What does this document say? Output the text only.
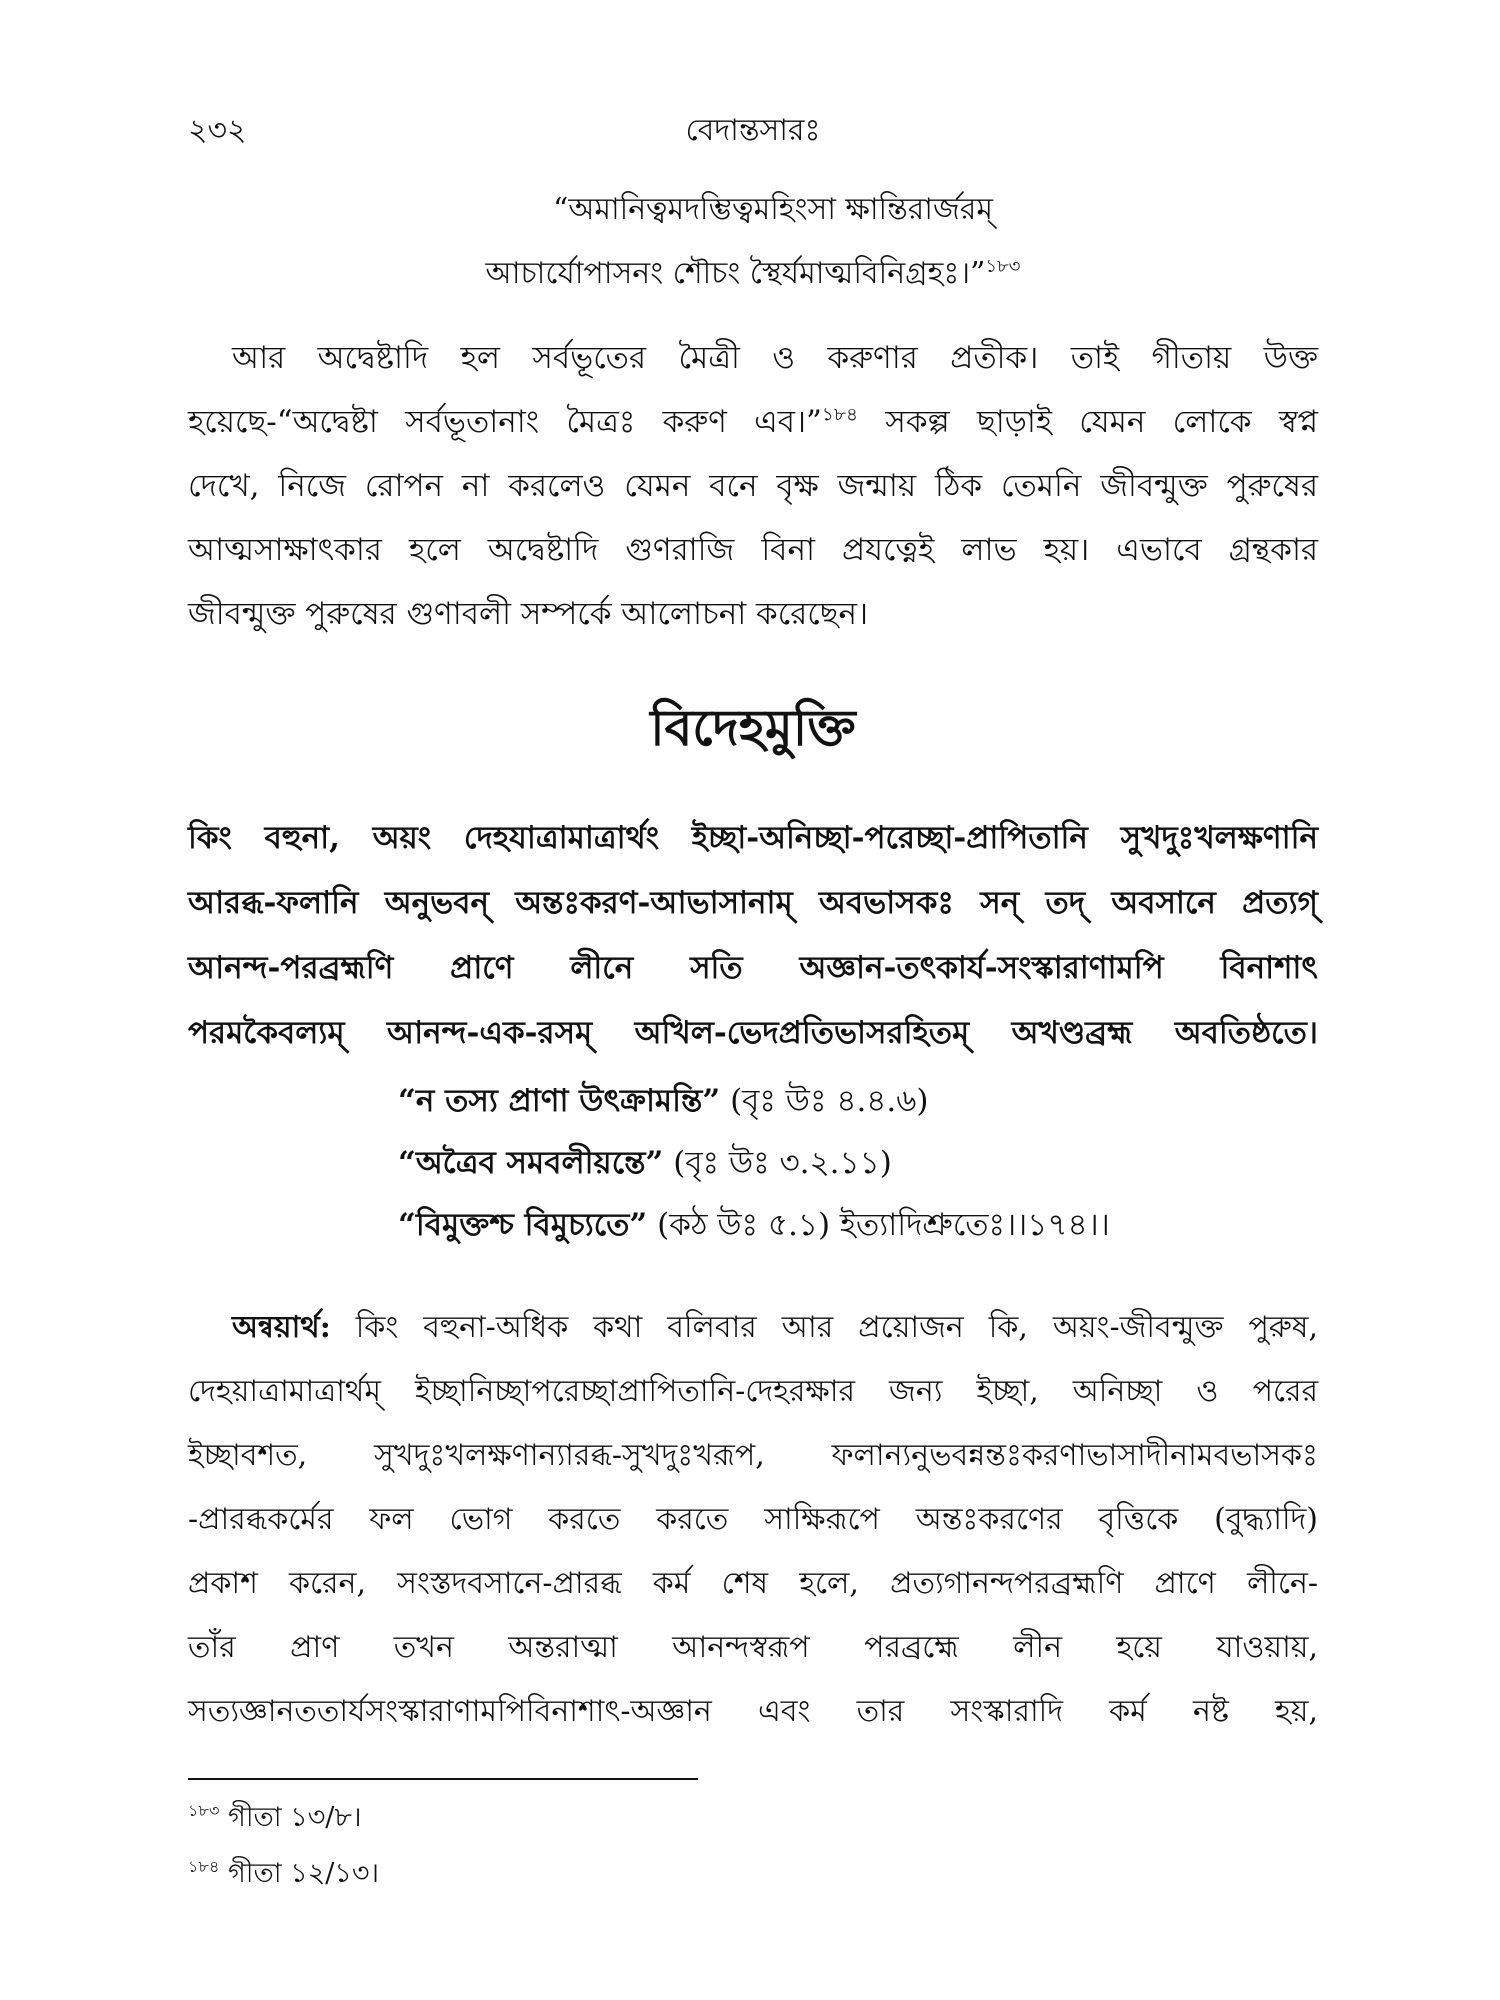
২৩২	বেদান্তসারঃ
“অমানিত্বমদম্ভিত্বমহিংসা ক্ষান্তিরার্জরম্
আচার্যোপাসনং শৌচং স্থৈর্যমাত্মবিনিগ্রহঃ।”$^{১৮৩}$
আর অদ্বেষ্টাদি হল সর্বভূতের মৈত্রী ও করুণার প্রতীক। তাই গীতায় উক্ত
হয়েছে-“অদ্বেষ্টা সর্বভূতানাং মৈত্রঃ করুণ এব।”$^{১৮৪}$ সকল্প ছাড়াই যেমন লোকে স্বপ্ন
দেখে, নিজে রোপন না করলেও যেমন বনে বৃক্ষ জন্মায় ঠিক তেমনি জীবন্মুক্ত পুরুষের
আত্মসাক্ষাৎকার হলে অদ্বেষ্টাদি গুণরাজি বিনা প্রযত্নেই লাভ হয়। এভাবে গ্রন্থকার
জীবন্মুক্ত পুরুষের গুণাবলী সম্পর্কে আলোচনা করেছেন।
বিদেহমুক্তি
কিং বহুনা, অয়ং দেহযাত্রামাত্রার্থং ইচ্ছা-অনিচ্ছা-পরেচ্ছা-প্রাপিতানি সুখদুঃখলক্ষণানি
আরব্ধ-ফলানি অনুভবন্ অন্তঃকরণ-আভাসানাম্ অবভাসকঃ সন্ তদ্ অবসানে প্রত্যগ্
আনন্দ-পরব্রহ্মণি প্রাণে লীনে সতি অজ্ঞান-তৎকার্য-সংস্কারাণামপি বিনাশাৎ
পরমকৈবল্যম্ আনন্দ-এক-রসম্ অখিল-ভেদপ্রতিভাসরহিতম্ অখণ্ডব্রহ্ম অবতিষ্ঠতে।
“ন তস্য প্রাণা উৎক্রামন্তি” (বৃঃ উঃ ৪.৪.৬)
“অত্রৈব সমবলীয়ন্তে” (বৃঃ উঃ ৩.২.১১)
“বিমুক্তশ্চ বিমুচ্যতে” (কঠ উঃ ৫.১) ইত্যাদিশ্রুতেঃ।।১৭৪।।
অন্বয়ার্থ: কিং বহুনা-অধিক কথা বলিবার আর প্রয়োজন কি, অয়ং-জীবন্মুক্ত পুরুষ,
দেহয়াত্রামাত্রার্থম্ ইচ্ছানিচ্ছাপরেচ্ছাপ্রাপিতানি-দেহরক্ষার জন্য ইচ্ছা, অনিচ্ছা ও পরের
ইচ্ছাবশত, সুখদুঃখলক্ষণান্যারব্ধ-সুখদুঃখরূপ, ফলান্যনুভবন্নন্তঃকরণাভাসাদীনামবভাসকঃ
-প্রারব্ধকর্মের ফল ভোগ করতে করতে সাক্ষিরূপে অন্তঃকরণের বৃত্তিকে (বুদ্ধ্যাদি)
প্রকাশ করেন, সংস্তদবসানে-প্রারব্ধ কর্ম শেষ হলে, প্রত্যগানন্দপরব্রহ্মণি প্রাণে লীনে-
তাঁর প্রাণ তখন অন্তরাত্মা আনন্দস্বরূপ পরব্রহ্মে লীন হয়ে যাওয়ায়,
সত্যজ্ঞানততার্যসংস্কারাণামপিবিনাশাৎ-অজ্ঞান এবং তার সংস্কারাদি কর্ম নষ্ট হয়,
$^{১৮৩}$ গীতা ১৩/৮।
$^{১৮৪}$ গীতা ১২/১৩।
